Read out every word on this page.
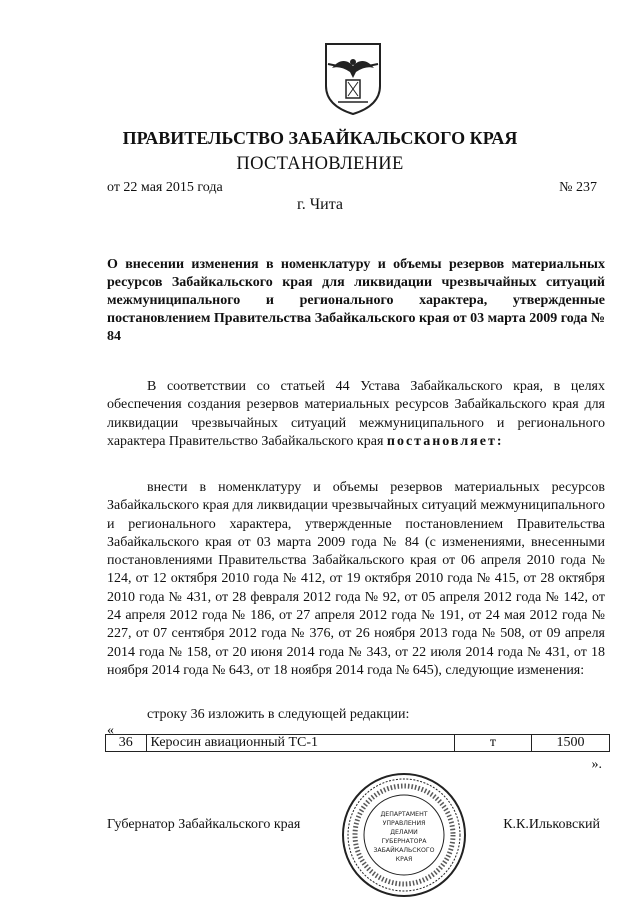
ПРАВИТЕЛЬСТВО ЗАБАЙКАЛЬСКОГО КРАЯ
ПОСТАНОВЛЕНИЕ
от 22 мая 2015 года	№ 237
г. Чита
О внесении изменения в номенклатуру и объемы резервов материальных ресурсов Забайкальского края для ликвидации чрезвычайных ситуаций межмуниципального и регионального характера, утвержденные постановлением Правительства Забайкальского края от 03 марта 2009 года № 84
В соответствии со статьей 44 Устава Забайкальского края, в целях обеспечения создания резервов материальных ресурсов Забайкальского края для ликвидации чрезвычайных ситуаций межмуниципального и регионального характера Правительство Забайкальского края постановляет:
внести в номенклатуру и объемы резервов материальных ресурсов Забайкальского края для ликвидации чрезвычайных ситуаций межмуниципального и регионального характера, утвержденные постановлением Правительства Забайкальского края от 03 марта 2009 года № 84 (с изменениями, внесенными постановлениями Правительства Забайкальского края от 06 апреля 2010 года № 124, от 12 октября 2010 года № 412, от 19 октября 2010 года № 415, от 28 октября 2010 года № 431, от 28 февраля 2012 года № 92, от 05 апреля 2012 года № 142, от 24 апреля 2012 года № 186, от 27 апреля 2012 года № 191, от 24 мая 2012 года № 227, от 07 сентября 2012 года № 376, от 26 ноября 2013 года № 508, от 09 апреля 2014 года № 158, от 20 июня 2014 года № 343, от 22 июля 2014 года № 431, от 18 ноября 2014 года № 643, от 18 ноября 2014 года № 645), следующие изменения:
строку 36 изложить в следующей редакции:
«
36	Керосин авиационный ТС-1	т	1500
».
ДЕПАРТАМЕНТ
УПРАВЛЕНИЯ
ДЕЛАМИ
ГУБЕРНАТОРА
ЗАБАЙКАЛЬСКОГО
КРАЯ
Губернатор Забайкальского края	К.К.Ильковский
